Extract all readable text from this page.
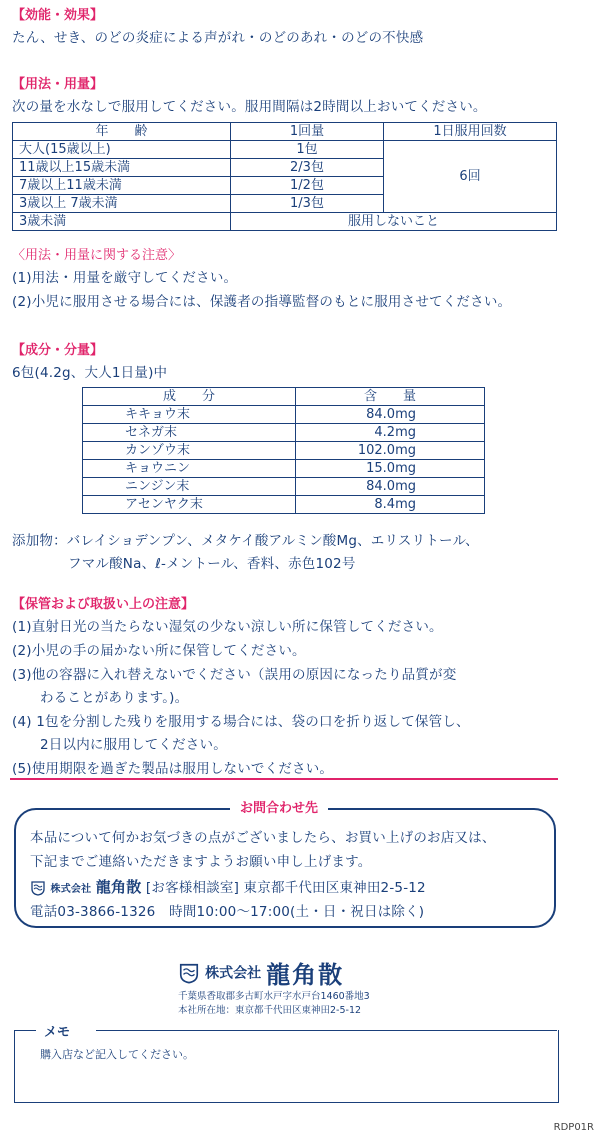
【効能・効果】
たん、せき、のどの炎症による声がれ・のどのあれ・のどの不快感
【用法・用量】
次の量を水なしで服用してください。服用間隔は2時間以上おいてください。
年　　齢	1回量	1日服用回数
大人(15歳以上)	1包	6回
11歳以上15歳未満	2/3包	
7歳以上11歳未満	1/2包	
3歳以上 7歳未満	1/3包	
3歳未満	服用しないこと	
〈用法・用量に関する注意〉
(1)用法・用量を厳守してください。
(2)小児に服用させる場合には、保護者の指導監督のもとに服用させてください。
【成分・分量】
6包(4.2g、大人1日量)中
成　　分	含　　量
キキョウ末	84.0mg
セネガ末	4.2mg
カンゾウ末	102.0mg
キョウニン	15.0mg
ニンジン末	84.0mg
アセンヤク末	8.4mg
添加物：バレイショデンプン、メタケイ酸アルミン酸Mg、エリスリトール、
フマル酸Na、ℓ-メントール、香料、赤色102号
【保管および取扱い上の注意】
(1)直射日光の当たらない湿気の少ない涼しい所に保管してください。
(2)小児の手の届かない所に保管してください。
(3)他の容器に入れ替えないでください（誤用の原因になったり品質が変
わることがあります。)。
(4) 1包を分割した残りを服用する場合には、袋の口を折り返して保管し、
2日以内に服用してください。
(5)使用期限を過ぎた製品は服用しないでください。
お問合わせ先
本品について何かお気づきの点がございましたら、お買い上げのお店又は、
下記までご連絡いただきますようお願い申し上げます。
株式会社 龍角散 [お客様相談室] 東京都千代田区東神田2-5-12
電話03-3866-1326　時間10:00～17:00(土・日・祝日は除く)
株式会社 龍角散
千葉県香取郡多古町水戸字水戸台1460番地3
本社所在地：東京都千代田区東神田2-5-12
メモ
購入店など記入してください。
RDP01R
